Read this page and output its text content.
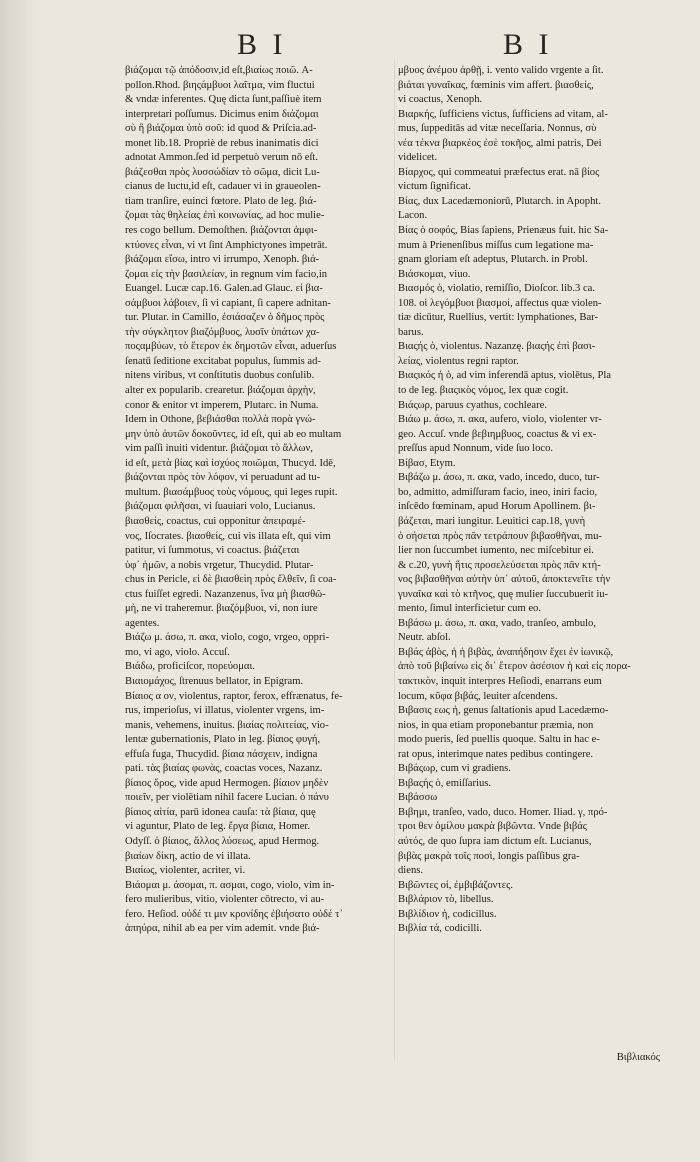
B I	B I
βιάζομαι τῷ ἀπόδοσιν,id eſt,βιαίως ποιῶ. A-
pollon.Rhod. βιηςάμβυοι λαῖτμα, vim fluctui
& vndæ inferentes. Quę dicta ſunt,paſſiuè item
interpretari poſſumus. Dicimus enim διάζομαι
σὺ ἢ βιάζομαι ὑπὸ σοῦ: id quod & Priſcia.ad-
monet lib.18. Propriè de rebus inanimatis dici
adnotat Ammon.ſed id perpetuò verum nō eſt.
βιάζεσθαι πρὸς λυσσώδίαν τὸ σῶμα, dicit Lu-
cianus de luctu,id eſt, cadauer vi in graueolen-
tiam tranſire, euinci fœtore. Plato de leg. βιά-
ζομαι τὰς θηλείας ἐπὶ κοινωνίας, ad hoc mulie-
res cogo bellum. Demoſthen. βιάζονται ἀμφι-
κτύονες εἶναι, vi vt ſint Amphictyones impetrāt.
βιάζομαι εἴσω, intro vi irrumpo, Xenoph. βιά-
ζομαι εἰς τὴν βασιλείαν, in regnum vim facio,in
Euangel. Lucæ cap.16. Galen.ad Glauc. εἰ βια-
σάμβυοι λάβοιεν, ſi vi capiant, ſi capere adnitan-
tur. Plutar. in Camillo, ἐσιάσαζεν ὁ δῆμος πρὸς
τὴν σύγκλητον βιαζόμβυος, λυσῖν ὑπάτων χα-
ποςαμβύων, τὸ ἕτερον ἐκ δημοτῶν εἶναι, aduerſus
ſenatū ſeditione excitabat populus, ſummis ad-
nitens viribus, vt conſtitutis duobus conſulib.
alter ex popularib. crearetur. βιάζομαι ἀρχὴν,
conor & enitor vt imperem, Plutarc. in Numa.
Idem in Othone, βεβιάσθαι πολλὰ πορὰ γνώ-
μην ὑπὸ ἀυτῶν δοκοῦντες, id eſt, qui ab eo multam
vim paſſi inuiti videntur. βιάζομαι τὸ ἄλλων,
id eſt, μετὰ βίας καὶ ἰσχύος ποιῶμαι, Thucyd. Idē,
βιάζονται πρὸς τὸν λόφον, vi peruadunt ad tu-
multum. βιασάμβυος τοὺς νόμους, qui leges rupit.
βιάζομαι φιλῆσαι, vi ſuauiari volo, Lucianus.
βιασθείς, coactus, cui opponitur ἀπειραμέ-
νος, Iſocrates. βιασθείς, cui vis illata eſt, qui vim
patitur, vi ſummotus, vi coactus. βιάζεται
ὑφ᾽ ἡμῶν, a nobis vrgetur, Thucydid. Plutar-
chus in Pericle, εἰ δὲ βιασθεὶη πρὸς ἔλθεῖν, ſi coa-
ctus fuiſſet egredi. Nazanzenus, ἵνα μὴ βιασθῶ-
μὴ, ne vi traheremur. βιαζόμβυοι, vi, non iure
agentes.
Βιάζω μ. άσω, π. ακα, violo, cogo, vrgeo, oppri-
mo, vi ago, violo. Accuſ.
Βιάδω, proficiſcor, πορεύομαι.
Βιαιομάχος, ſtrenuus bellator, in Epigram.
Βίαιος α ον, violentus, raptor, ferox, effrænatus, fe-
rus, imperioſus, vi illatus, violenter vrgens, im-
manis, vehemens, inuitus. βιαίας πολιτείας, vio-
lentæ gubernationis, Plato in leg. βίαιος φυγή,
effuſa fuga, Thucydid. βίαια πάσχειν, indigna
pati. τὰς βιαίας φωνὰς, coactas voces, Nazanz.
βίαιος ὅρος, vide apud Hermogen. βίαιον μηδὲν
ποιεῖν, per violētiam nihil facere Lucian. ὁ πάνυ
βίαιος αἰτία, parū idonea cauſa: τὰ βίαια, quę
vi aguntur, Plato de leg. ἔργα βίαια, Homer.
Odyſſ. ὁ βίαιος, ἄλλος λύσεως, apud Hermog.
βιαίων δίκη, actio de vi illata.
Βιαίως, violenter, acriter, vi.
Βιάομαι μ. άσομαι, π. ασμαι, cogo, violo, vim in-
fero mulieribus, vitio, violenter cōtrecto, vi au-
fero. Heſiod. οὐδέ τι μιν κρονίδης ἐβιήσατο οὐδέ τ᾽
ἀπηύρα, nihil ab ea per vim ademit. vnde βιά-
μβυος ἀνέμου ἀρθῇ, i. vento valido vrgente a ſit.
βιάται γυναῖκας, fœminis vim affert. βιασθείς,
vi coactus, Xenoph.
Βιαρκής, ſufficiens victus, ſufficiens ad vitam, al-
mus, ſuppeditās ad vitæ neceſſaria. Nonnus, σὺ
νέα τέκνα βιαρκέος ἐσὲ τοκῆος, almi patris, Dei
videlicet.
Βίαρχος, qui commeatui præfectus erat. nā βίος
victum ſignificat.
Βίας, dux Lacedæmoniorū, Plutarch. in Apopht.
Lacon.
Βίας ὁ σοφός, Bias ſapiens, Prienæus fuit. hic Sa-
mum à Prienenſibus miſſus cum legatione ma-
gnam gloriam eſt adeptus, Plutarch. in Probl.
Βιάσκομαι, viuo.
Βιασμός ὁ, violatio, remiſſio, Dioſcor. lib.3 ca.
108. οἱ λεγόμβυοι βιασμοί, affectus quæ violen-
tiæ dicūtur, Ruellius, vertit: lymphationes, Bar-
barus.
Βιαςής ὁ, violentus. Nazanzę. βιαςής ἐπὶ βασι-
λείας, violentus regni raptor.
Βιαςικός ἡ ὁ, ad vim inferendā aptus, violētus, Pla
to de leg. βιαςικὸς νόμος, lex quæ cogit.
Βιάςωρ, paruus cyathus, cochleare.
Βιάω μ. άσω, π. ακα, aufero, violo, violenter vr-
geo. Accuſ. vnde βεβιημβυος, coactus & vi ex-
preſſus apud Nonnum, vide ſuo loco.
Βίβασ, Etym.
Βιβάζω μ. άσω, π. ακα, vado, incedo, duco, tur-
bo, admitto, admiſſuram facio, ineo, iniri facio,
inſcēdo fœminam, apud Horum Apollinem. βι-
βάζεται, mari iungitur. Leuitici cap.18, γυνὴ
ὀ σήσεται πρὸς πᾶν τετράπουν βιβασθῆναι, mu-
lier non ſuccumbet iumento, nec miſcebitur ei.
& c.20, γυνὴ ἥτις προσελεύσεται πρὸς πᾶν κτή-
νος βιβασθῆναι αὐτὴν ὑπ᾽ αὐτοῦ, ἀποκτενεῖτε τὴν
γυναῖκα καὶ τὸ κτῆνος, quę mulier ſuccubuerit iu-
mento, ſimul interficietur cum eo.
Βιβάσω μ. άσω, π. ακα, vado, tranſeo, ambulo,
Neutr. abſol.
Βιβάς ἀβὸς, ἡ ἡ βιβὰς, ἀναπήδησιν ἔχει ἐν ἰωνικῷ,
ἀπὸ τοῦ βιβαίνω εἰς δι᾽ ἔτερον ἀσέσιον ἡ καὶ εἰς πορα-
τακτικὸν, inquit interpres Heſiodi, enarrans eum
locum, κῦφα βιβάς, leuiter aſcendens.
Βιβασις εως ἡ, genus ſaltationis apud Lacedæmo-
nios, in qua etiam proponebantur præmia, non
modo pueris, ſed puellis quoque. Saltu in hac e-
rat opus, interimque nates pedibus contingere.
Βιβάςωρ, cum vi gradiens.
Βιβαςής ὁ, emiſſarius.
Βιβάσσω
Βιβημι, tranſeo, vado, duco. Homer. Iliad. γ, πρό-
τροι θεν ὁμίλου μακρὰ βιβῶντα. Vnde βιβάς
αὐτός, de quo ſupra iam dictum eſt. Lucianus,
βιβὰς μακρὰ τοῖς ποσὶ, longis paſſibus gra-
diens.
Βιβῶντες οἱ, ἐμβιβάζοντες.
Βιβλάριον τὸ, libellus.
Βιβλίδιον ἡ, codicillus.
Βιβλία τά, codicilli.
Βιβλιακός
